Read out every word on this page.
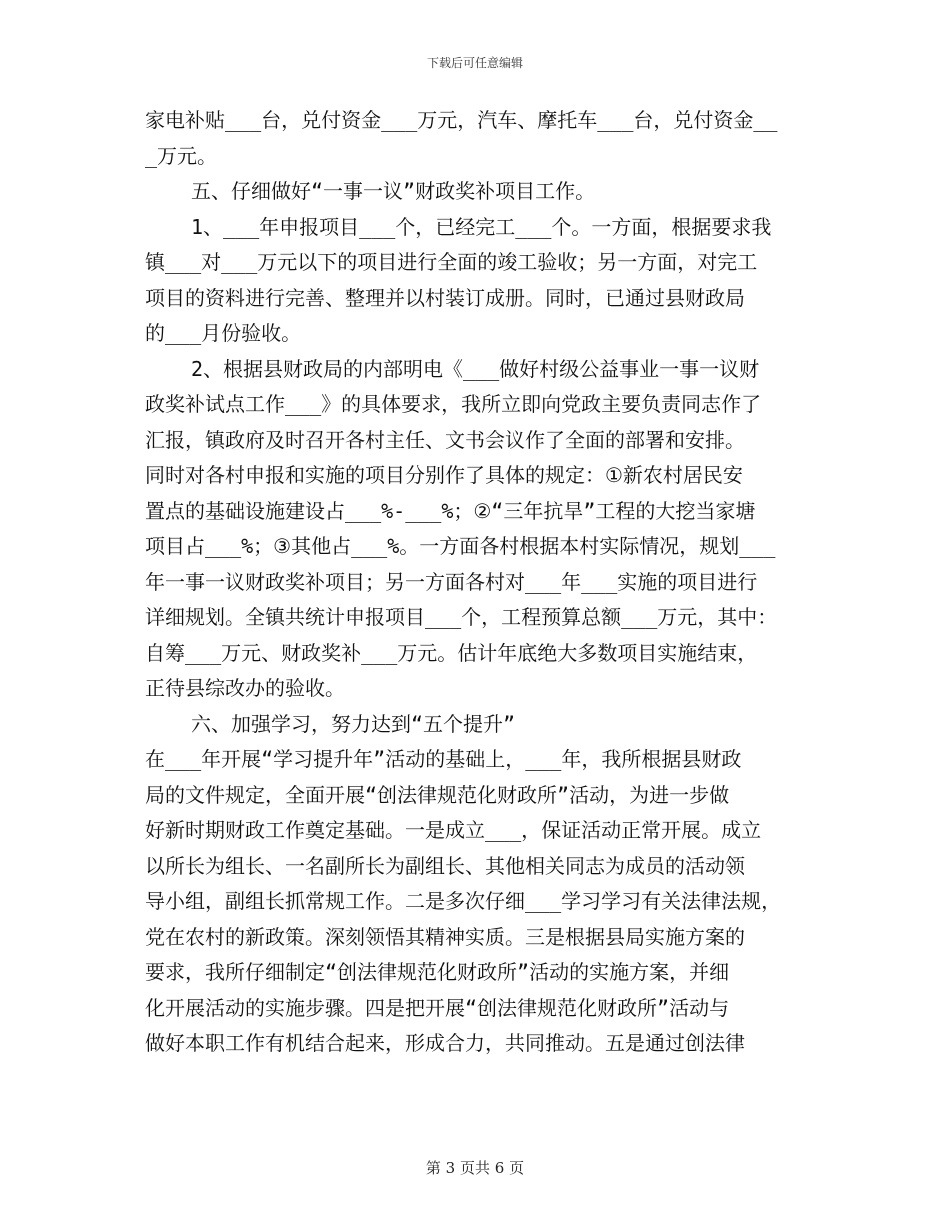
下载后可任意编辑
家电补贴___台，兑付资金___万元，汽车、摩托车___台，兑付资金__
_万元。
五、仔细做好“一事一议”财政奖补项目工作。
1、___年申报项目___个，已经完工___个。一方面，根据要求我
镇___对___万元以下的项目进行全面的竣工验收；另一方面，对完工
项目的资料进行完善、整理并以村装订成册。同时，已通过县财政局
的___月份验收。
2、根据县财政局的内部明电《___做好村级公益事业一事一议财
政奖补试点工作___》的具体要求，我所立即向党政主要负责同志作了
汇报，镇政府及时召开各村主任、文书会议作了全面的部署和安排。
同时对各村申报和实施的项目分别作了具体的规定：①新农村居民安
置点的基础设施建设占___%-___%；②“三年抗旱”工程的大挖当家塘
项目占___%；③其他占___%。一方面各村根据本村实际情况，规划___
年一事一议财政奖补项目；另一方面各村对___年___实施的项目进行
详细规划。全镇共统计申报项目___个，工程预算总额___万元，其中：
自筹___万元、财政奖补___万元。估计年底绝大多数项目实施结束，
正待县综改办的验收。
六、加强学习，努力达到“五个提升”
在___年开展“学习提升年”活动的基础上，___年，我所根据县财政
局的文件规定，全面开展“创法律规范化财政所”活动，为进一步做
好新时期财政工作奠定基础。一是成立___，保证活动正常开展。成立
以所长为组长、一名副所长为副组长、其他相关同志为成员的活动领
导小组，副组长抓常规工作。二是多次仔细___学习学习有关法律法规，
党在农村的新政策。深刻领悟其精神实质。三是根据县局实施方案的
要求，我所仔细制定“创法律规范化财政所”活动的实施方案，并细
化开展活动的实施步骤。四是把开展“创法律规范化财政所”活动与
做好本职工作有机结合起来，形成合力，共同推动。五是通过创法律
第 3 页共 6 页
